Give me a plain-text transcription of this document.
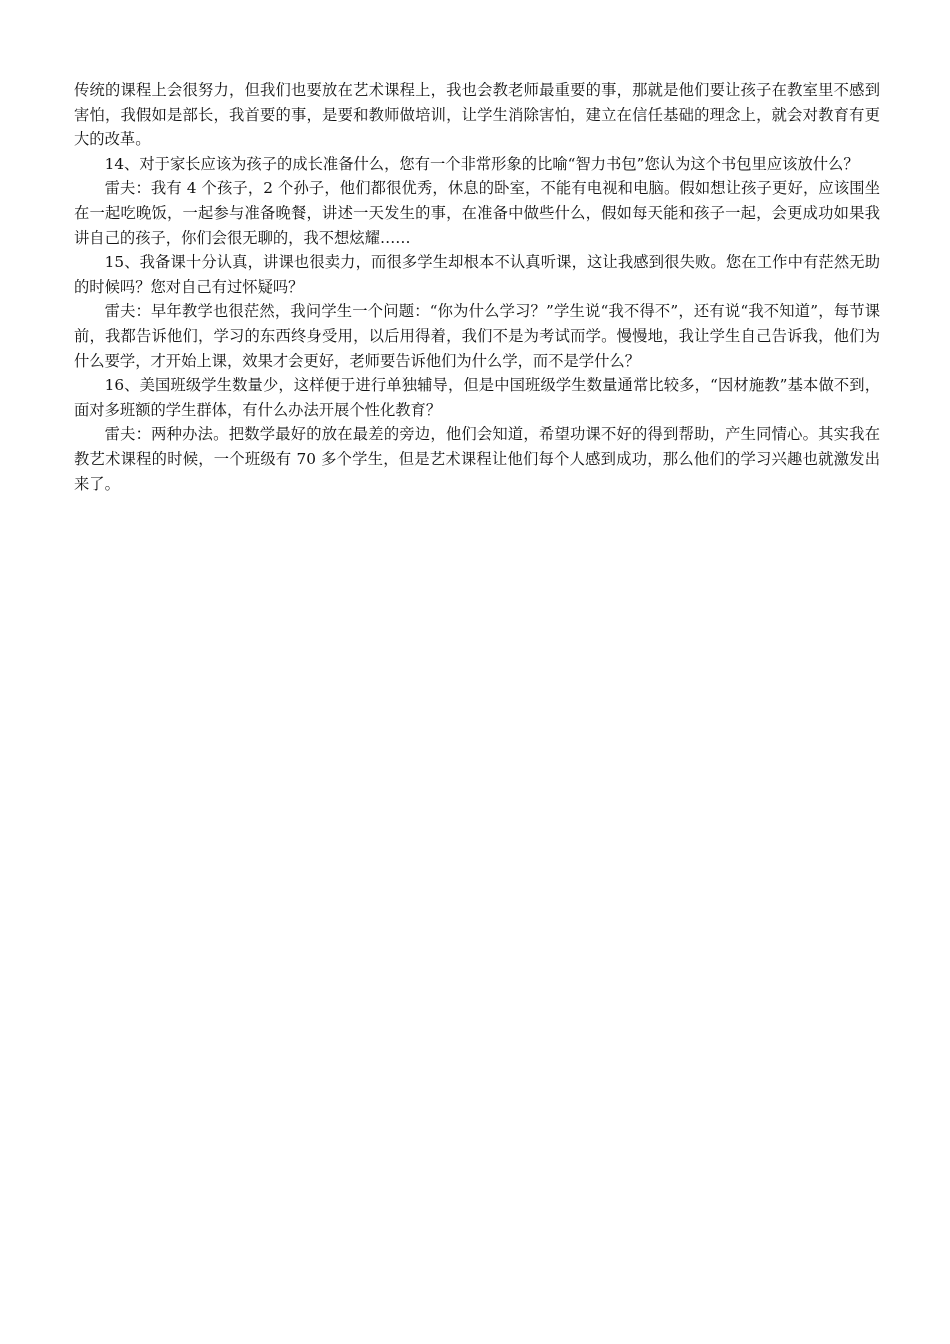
传统的课程上会很努力，但我们也要放在艺术课程上，我也会教老师最重要的事，那就是他们要让孩子在教室里不感到害怕，我假如是部长，我首要的事，是要和教师做培训，让学生消除害怕，建立在信任基础的理念上，就会对教育有更大的改革。

14、对于家长应该为孩子的成长准备什么，您有一个非常形象的比喻“智力书包”您认为这个书包里应该放什么？

雷夫：我有 4 个孩子，2 个孙子，他们都很优秀，休息的卧室，不能有电视和电脑。假如想让孩子更好，应该围坐在一起吃晚饭，一起参与准备晚餐，讲述一天发生的事，在准备中做些什么，假如每天能和孩子一起，会更成功如果我讲自己的孩子，你们会很无聊的，我不想炫耀……

15、我备课十分认真，讲课也很卖力，而很多学生却根本不认真听课，这让我感到很失败。您在工作中有茫然无助的时候吗？您对自己有过怀疑吗？

雷夫：早年教学也很茫然，我问学生一个问题：“你为什么学习？”学生说“我不得不”，还有说“我不知道”，每节课前，我都告诉他们，学习的东西终身受用，以后用得着，我们不是为考试而学。慢慢地，我让学生自己告诉我，他们为什么要学，才开始上课，效果才会更好，老师要告诉他们为什么学，而不是学什么？

16、美国班级学生数量少，这样便于进行单独辅导，但是中国班级学生数量通常比较多，“因材施教”基本做不到，面对多班额的学生群体，有什么办法开展个性化教育？

雷夫：两种办法。把数学最好的放在最差的旁边，他们会知道，希望功课不好的得到帮助，产生同情心。其实我在教艺术课程的时候，一个班级有 70 多个学生，但是艺术课程让他们每个人感到成功，那么他们的学习兴趣也就激发出来了。
